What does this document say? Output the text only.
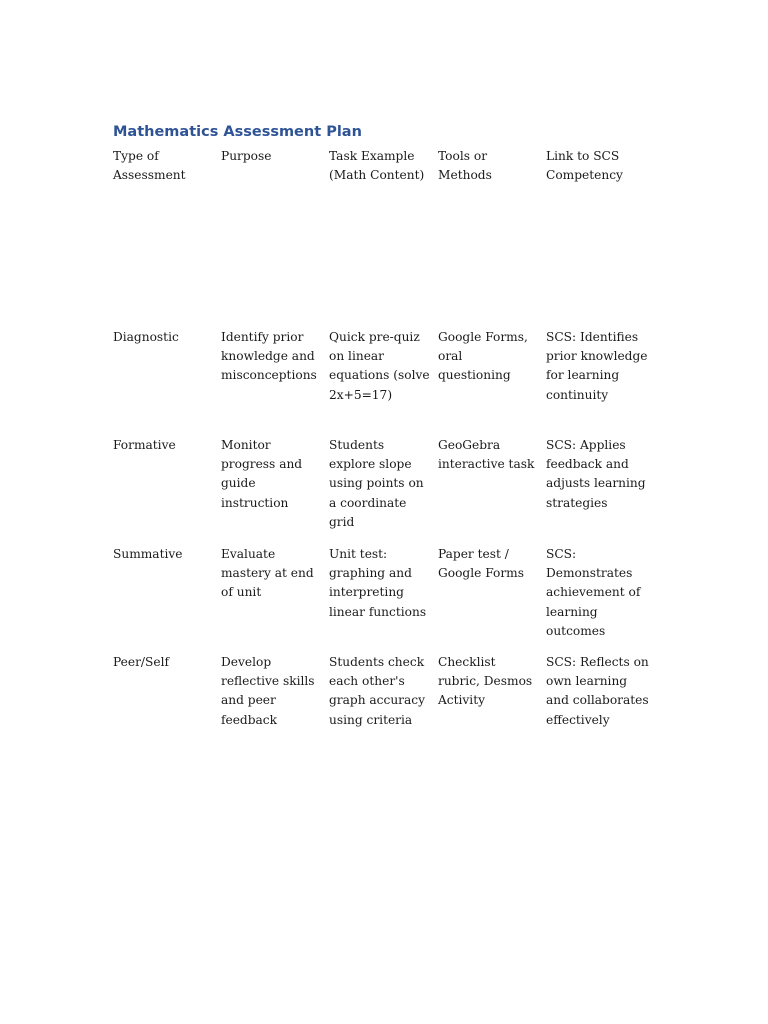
Mathematics Assessment Plan
Type of Assessment	Purpose	Task Example (Math Content)	Tools or Methods	Link to SCS Competency
Diagnostic	Identify prior knowledge and misconceptions	Quick pre-quiz on linear equations (solve 2x+5=17)	Google Forms, oral questioning	SCS: Identifies prior knowledge for learning continuity
Formative	Monitor progress and guide instruction	Students explore slope using points on a coordinate grid	GeoGebra interactive task	SCS: Applies feedback and adjusts learning strategies
Summative	Evaluate mastery at end of unit	Unit test: graphing and interpreting linear functions	Paper test / Google Forms	SCS: Demonstrates achievement of learning outcomes
Peer/Self	Develop reflective skills and peer feedback	Students check each other's graph accuracy using criteria	Checklist rubric, Desmos Activity	SCS: Reflects on own learning and collaborates effectively
